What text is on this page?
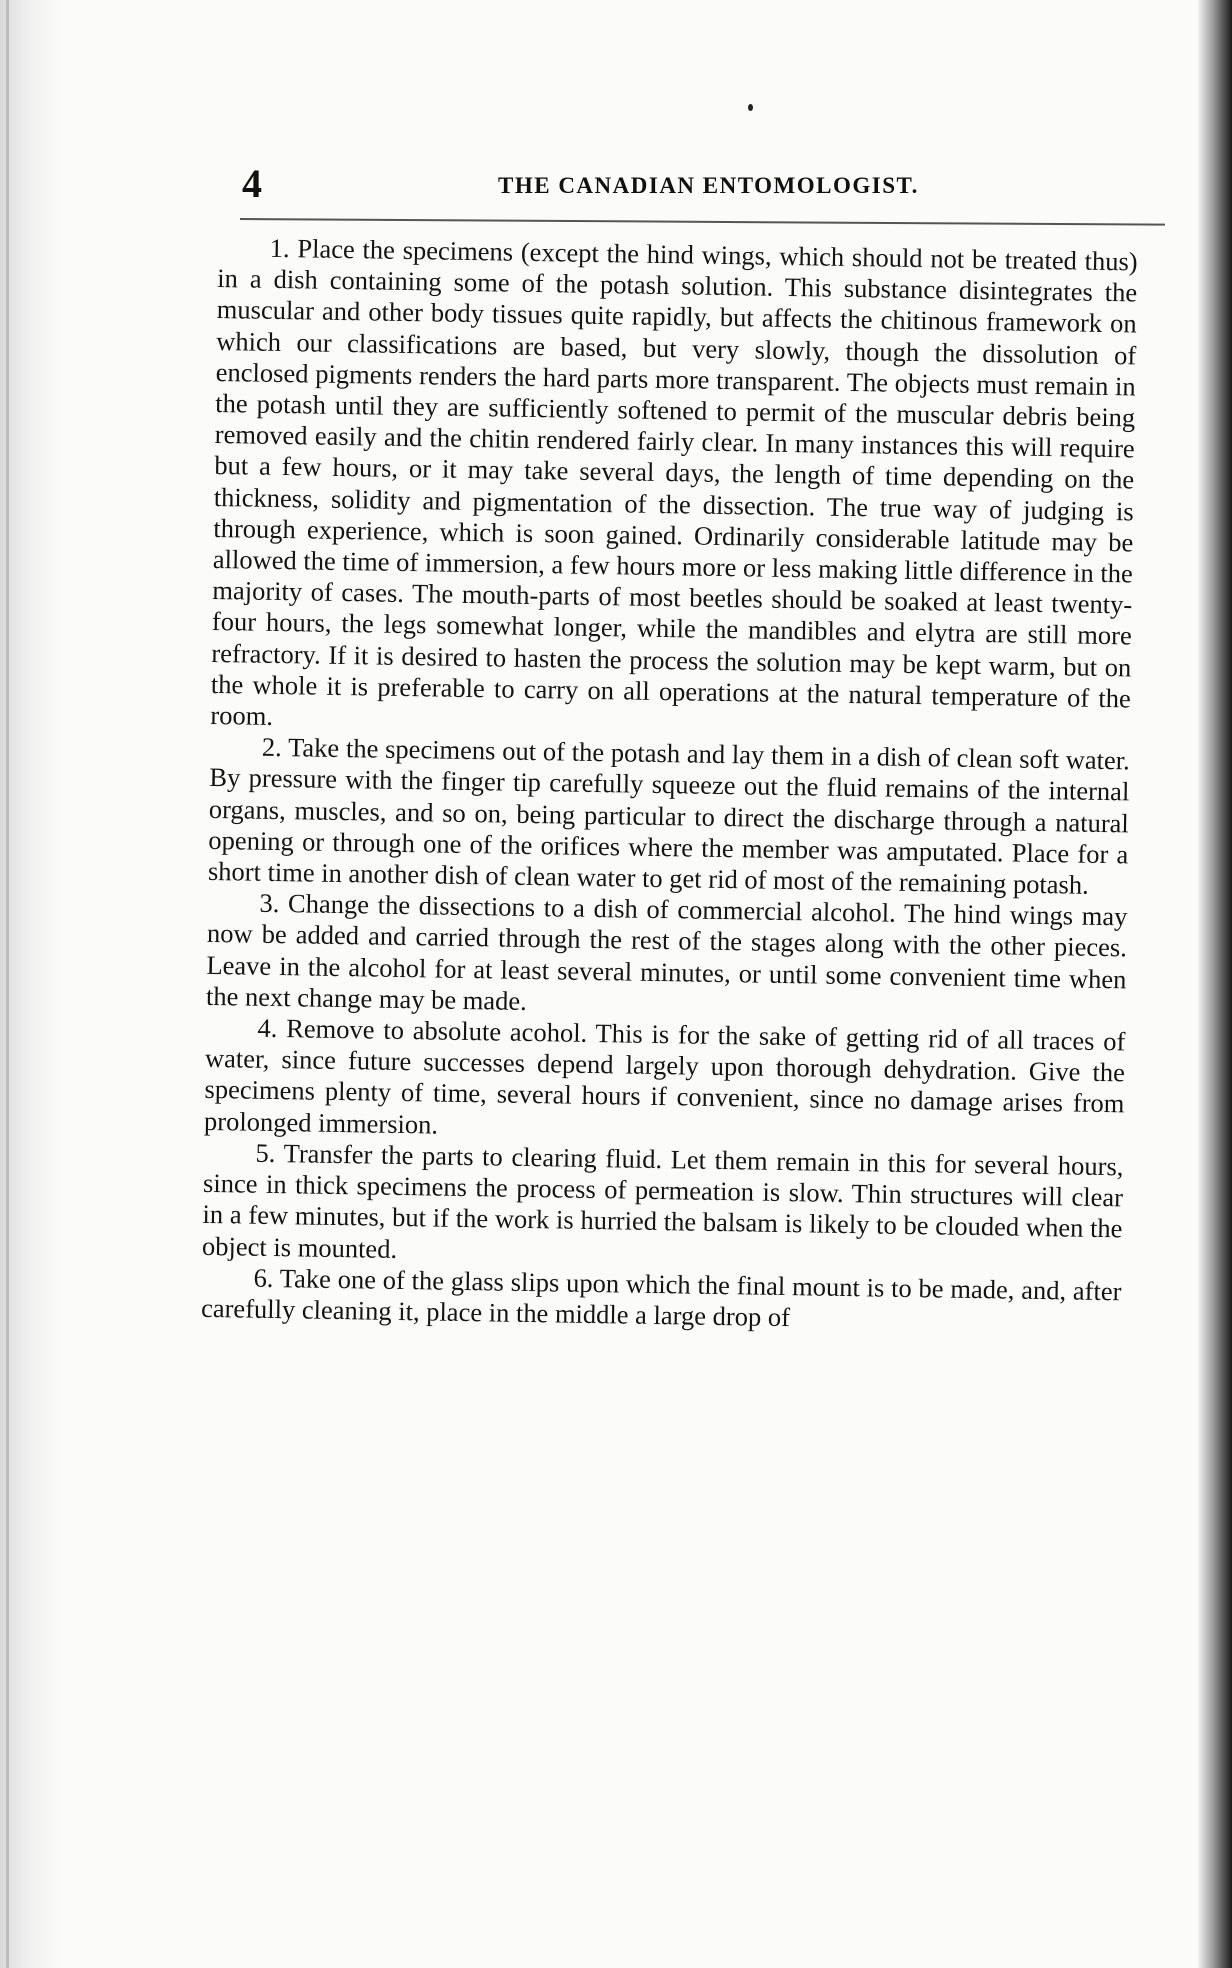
4	THE CANADIAN ENTOMOLOGIST.

1. Place the specimens (except the hind wings, which should not be treated thus) in a dish containing some of the potash solution. This substance disintegrates the muscular and other body tissues quite rapidly, but affects the chitinous framework on which our classifications are based, but very slowly, though the dissolution of enclosed pigments renders the hard parts more transparent. The objects must remain in the potash until they are sufficiently softened to permit of the muscular debris being removed easily and the chitin rendered fairly clear. In many instances this will require but a few hours, or it may take several days, the length of time depending on the thickness, solidity and pigmentation of the dissection. The true way of judging is through experience, which is soon gained. Ordinarily considerable latitude may be allowed the time of immersion, a few hours more or less making little difference in the majority of cases. The mouth-parts of most beetles should be soaked at least twenty-four hours, the legs somewhat longer, while the mandibles and elytra are still more refractory. If it is desired to hasten the process the solution may be kept warm, but on the whole it is preferable to carry on all operations at the natural temperature of the room.

2. Take the specimens out of the potash and lay them in a dish of clean soft water. By pressure with the finger tip carefully squeeze out the fluid remains of the internal organs, muscles, and so on, being particular to direct the discharge through a natural opening or through one of the orifices where the member was amputated. Place for a short time in another dish of clean water to get rid of most of the remaining potash.

3. Change the dissections to a dish of commercial alcohol. The hind wings may now be added and carried through the rest of the stages along with the other pieces. Leave in the alcohol for at least several minutes, or until some convenient time when the next change may be made.

4. Remove to absolute acohol. This is for the sake of getting rid of all traces of water, since future successes depend largely upon thorough dehydration. Give the specimens plenty of time, several hours if convenient, since no damage arises from prolonged immersion.

5. Transfer the parts to clearing fluid. Let them remain in this for several hours, since in thick specimens the process of permeation is slow. Thin structures will clear in a few minutes, but if the work is hurried the balsam is likely to be clouded when the object is mounted.

6. Take one of the glass slips upon which the final mount is to be made, and, after carefully cleaning it, place in the middle a large drop of
